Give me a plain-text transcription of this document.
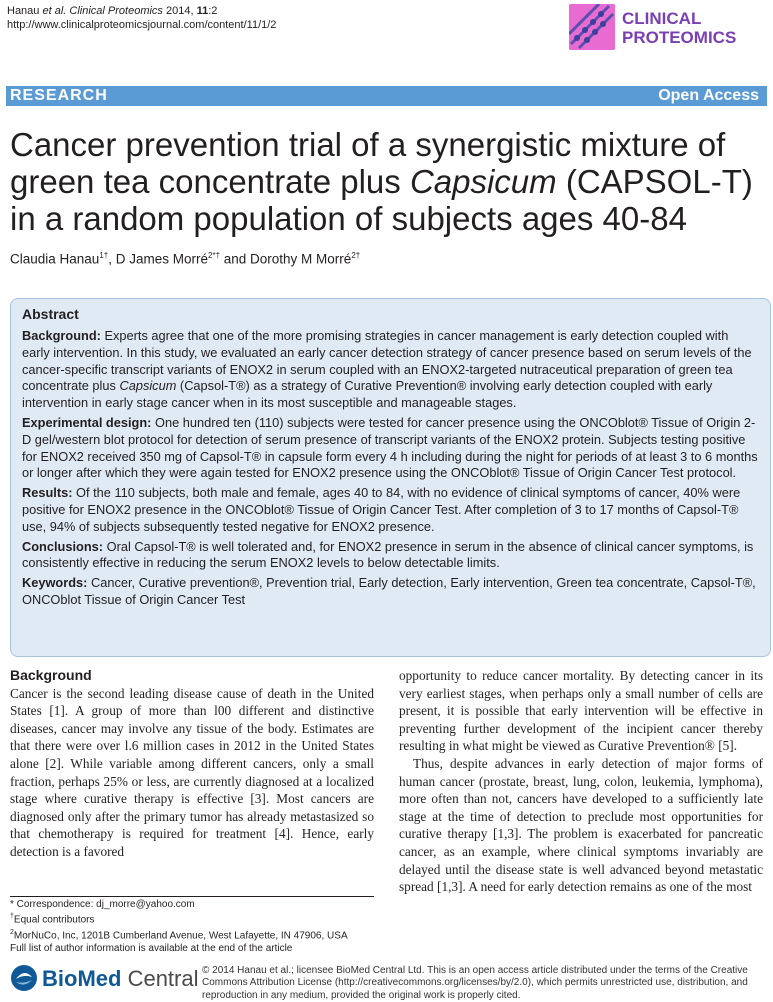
Hanau et al. Clinical Proteomics 2014, 11:2
http://www.clinicalproteomicsjournal.com/content/11/1/2	CLINICAL
PROTEOMICS
RESEARCH	Open Access
Cancer prevention trial of a synergistic mixture of
green tea concentrate plus Capsicum (CAPSOL-T)
in a random population of subjects ages 40-84
Claudia Hanau$^{1\dagger}$, D James Morré$^{2*\dagger}$ and Dorothy M Morré$^{2\dagger}$
Abstract

Background: Experts agree that one of the more promising strategies in cancer management is early detection coupled with early intervention. In this study, we evaluated an early cancer detection strategy of cancer presence based on serum levels of the cancer-specific transcript variants of ENOX2 in serum coupled with an ENOX2-targeted nutraceutical preparation of green tea concentrate plus Capsicum (Capsol-T®) as a strategy of Curative Prevention® involving early detection coupled with early intervention in early stage cancer when in its most susceptible and manageable stages.

Experimental design: One hundred ten (110) subjects were tested for cancer presence using the ONCOblot® Tissue of Origin 2-D gel/western blot protocol for detection of serum presence of transcript variants of the ENOX2 protein. Subjects testing positive for ENOX2 received 350 mg of Capsol-T® in capsule form every 4 h including during the night for periods of at least 3 to 6 months or longer after which they were again tested for ENOX2 presence using the ONCOblot® Tissue of Origin Cancer Test protocol.

Results: Of the 110 subjects, both male and female, ages 40 to 84, with no evidence of clinical symptoms of cancer, 40% were positive for ENOX2 presence in the ONCOblot® Tissue of Origin Cancer Test. After completion of 3 to 17 months of Capsol-T® use, 94% of subjects subsequently tested negative for ENOX2 presence.

Conclusions: Oral Capsol-T® is well tolerated and, for ENOX2 presence in serum in the absence of clinical cancer symptoms, is consistently effective in reducing the serum ENOX2 levels to below detectable limits.

Keywords: Cancer, Curative prevention®, Prevention trial, Early detection, Early intervention, Green tea concentrate, Capsol-T®, ONCOblot Tissue of Origin Cancer Test

Background

Cancer is the second leading disease cause of death in the United States [1]. A group of more than l00 different and distinctive diseases, cancer may involve any tissue of the body. Estimates are that there were over l.6 million cases in 2012 in the United States alone [2]. While variable among different cancers, only a small fraction, perhaps 25% or less, are currently diagnosed at a localized stage where curative therapy is effective [3]. Most cancers are diagnosed only after the primary tumor has already metastasized so that chemotherapy is required for treatment [4]. Hence, early detection is a favored

opportunity to reduce cancer mortality. By detecting cancer in its very earliest stages, when perhaps only a small number of cells are present, it is possible that early intervention will be effective in preventing further development of the incipient cancer thereby resulting in what might be viewed as Curative Prevention® [5].

Thus, despite advances in early detection of major forms of human cancer (prostate, breast, lung, colon, leukemia, lymphoma), more often than not, cancers have developed to a sufficiently late stage at the time of detection to preclude most opportunities for curative therapy [1,3]. The problem is exacerbated for pancreatic cancer, as an example, where clinical symptoms invariably are delayed until the disease state is well advanced beyond metastatic spread [1,3]. A need for early detection remains as one of the most

* Correspondence: dj_morre@yahoo.com
†Equal contributors
$^2$MorNuCo, Inc, 1201B Cumberland Avenue, West Lafayette, IN 47906, USA
Full list of author information is available at the end of the article
BioMed Central © 2014 Hanau et al.; licensee BioMed Central Ltd. This is an open access article distributed under the terms of the Creative Commons Attribution License (http://creativecommons.org/licenses/by/2.0), which permits unrestricted use, distribution, and reproduction in any medium, provided the original work is properly cited.
